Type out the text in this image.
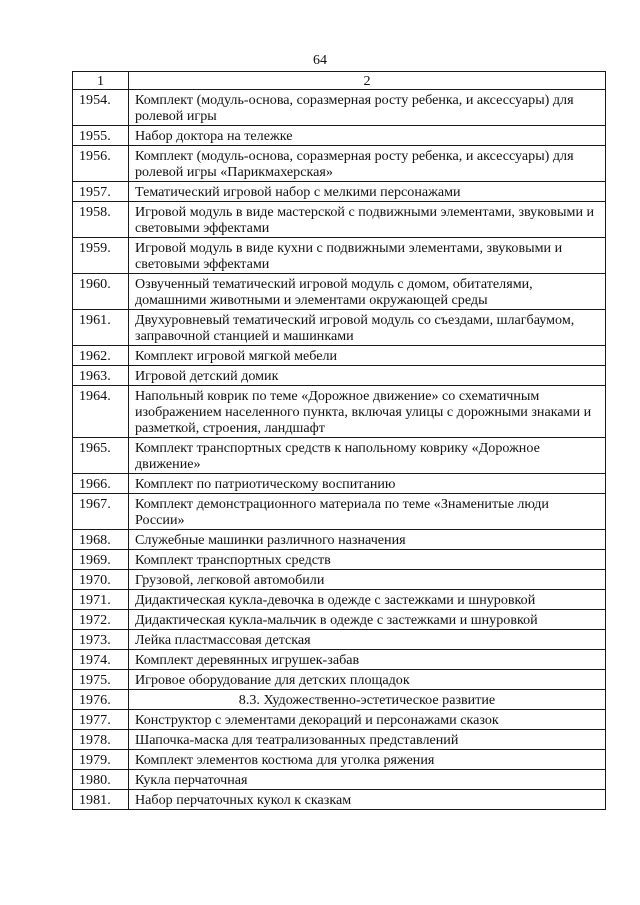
64
1	2
1954.	Комплект (модуль-основа, соразмерная росту ребенка, и аксессуары) для ролевой игры
1955.	Набор доктора на тележке
1956.	Комплект (модуль-основа, соразмерная росту ребенка, и аксессуары) для ролевой игры «Парикмахерская»
1957.	Тематический игровой набор с мелкими персонажами
1958.	Игровой модуль в виде мастерской с подвижными элементами, звуковыми и световыми эффектами
1959.	Игровой модуль в виде кухни с подвижными элементами, звуковыми и световыми эффектами
1960.	Озвученный тематический игровой модуль с домом, обитателями, домашними животными и элементами окружающей среды
1961.	Двухуровневый тематический игровой модуль со съездами, шлагбаумом, заправочной станцией и машинками
1962.	Комплект игровой мягкой мебели
1963.	Игровой детский домик
1964.	Напольный коврик по теме «Дорожное движение» со схематичным изображением населенного пункта, включая улицы с дорожными знаками и разметкой, строения, ландшафт
1965.	Комплект транспортных средств к напольному коврику «Дорожное движение»
1966.	Комплект по патриотическому воспитанию
1967.	Комплект демонстрационного материала по теме «Знаменитые люди России»
1968.	Служебные машинки различного назначения
1969.	Комплект транспортных средств
1970.	Грузовой, легковой автомобили
1971.	Дидактическая кукла-девочка в одежде с застежками и шнуровкой
1972.	Дидактическая кукла-мальчик в одежде с застежками и шнуровкой
1973.	Лейка пластмассовая детская
1974.	Комплект деревянных игрушек-забав
1975.	Игровое оборудование для детских площадок
1976.	8.3. Художественно-эстетическое развитие
1977.	Конструктор с элементами декораций и персонажами сказок
1978.	Шапочка-маска для театрализованных представлений
1979.	Комплект элементов костюма для уголка ряжения
1980.	Кукла перчаточная
1981.	Набор перчаточных кукол к сказкам
